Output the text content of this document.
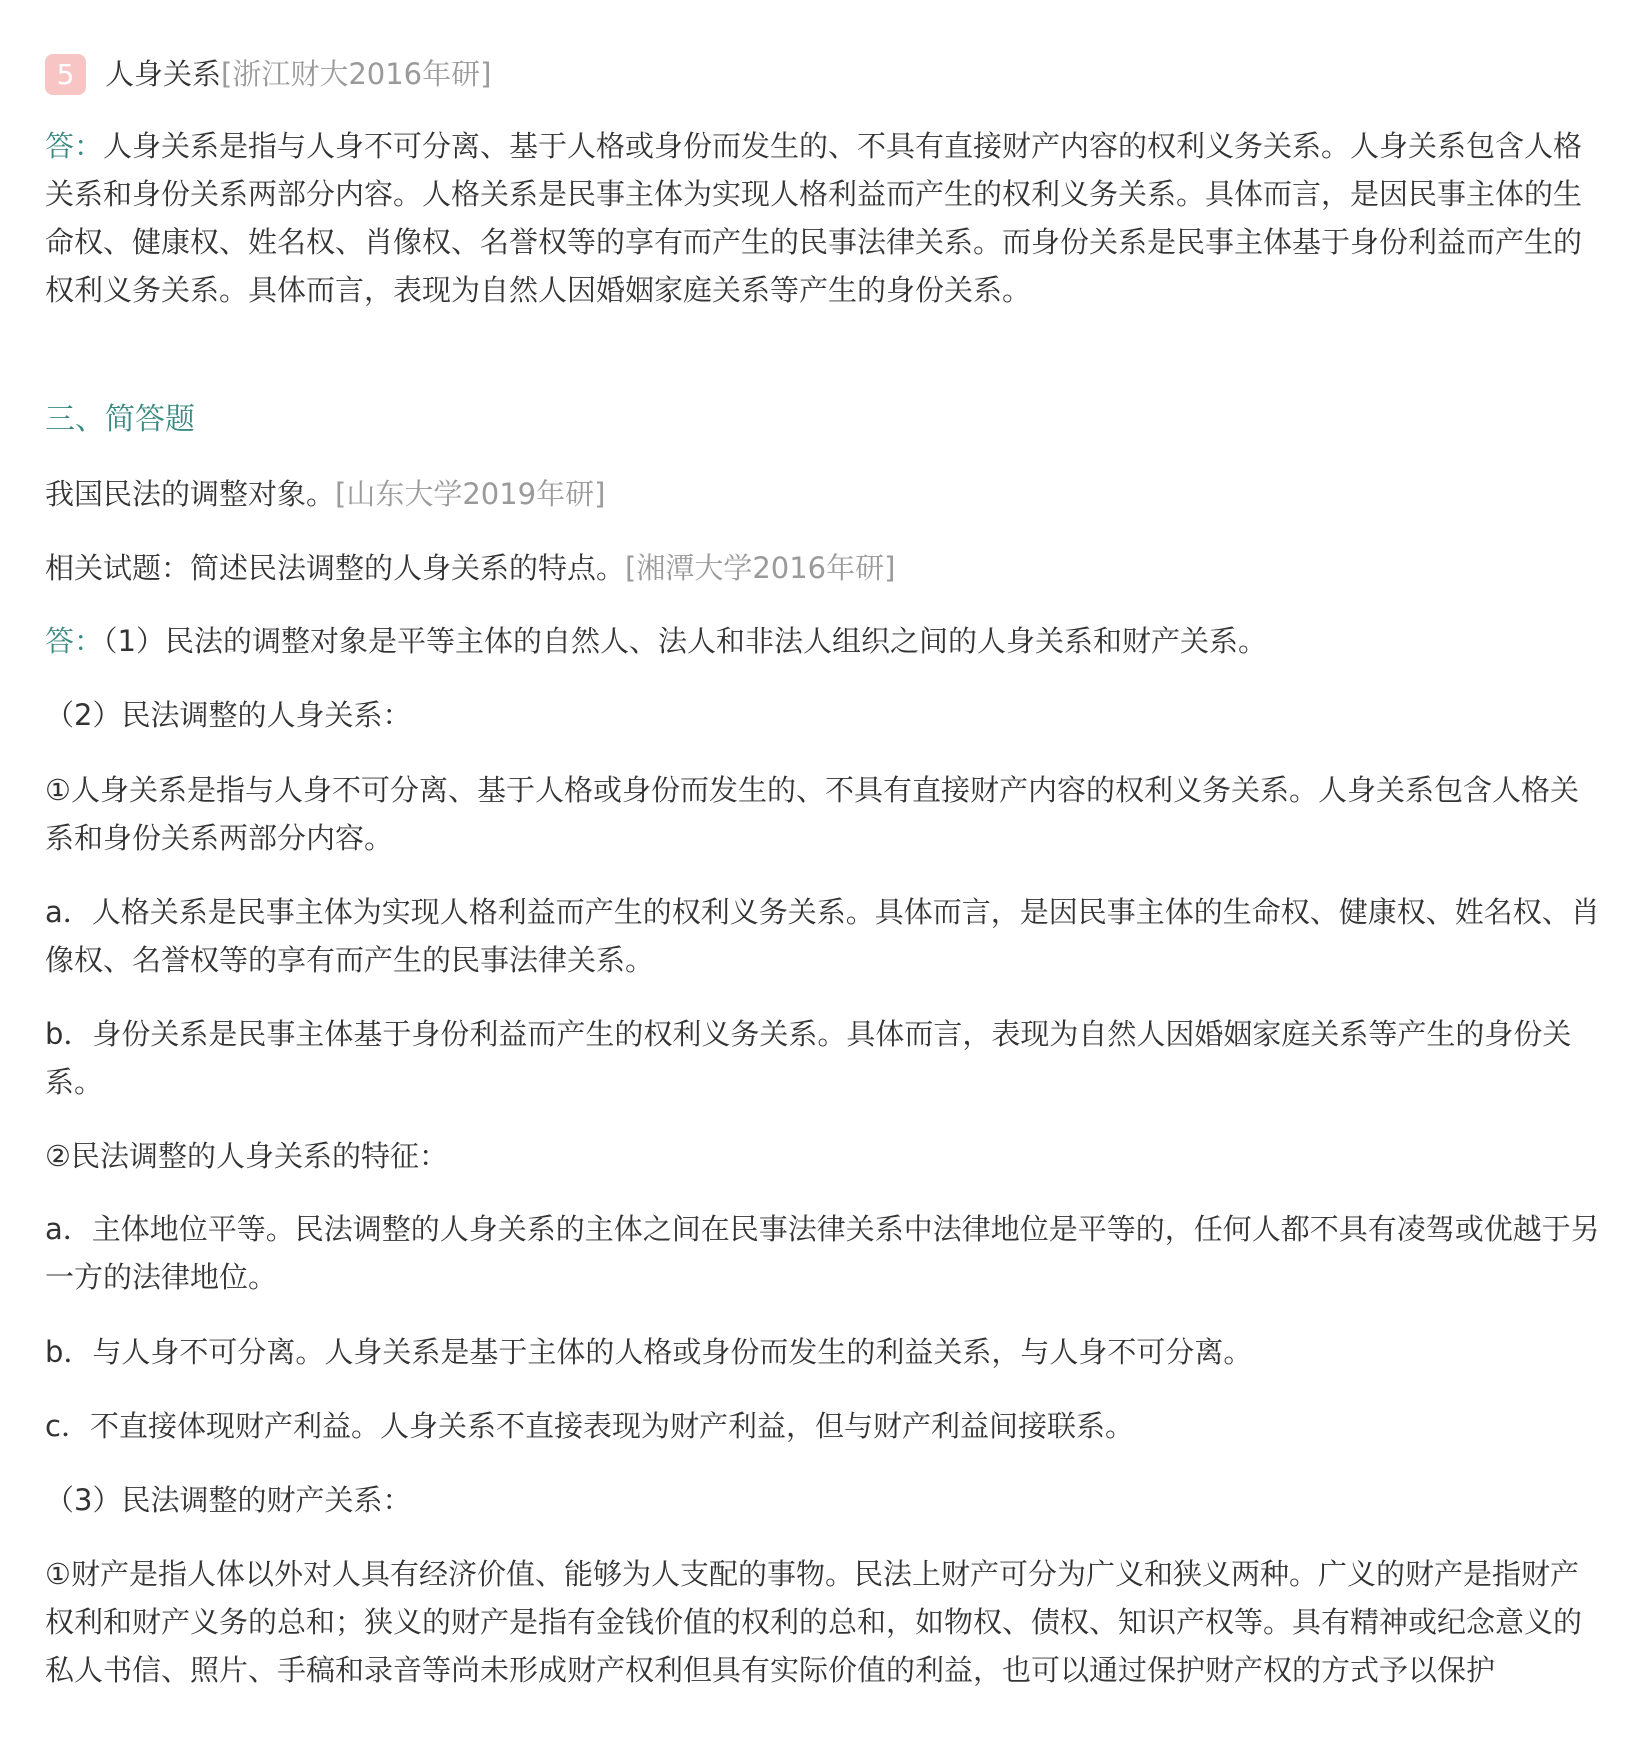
5	人身关系[浙江财大2016年研]
答：人身关系是指与人身不可分离、基于人格或身份而发生的、不具有直接财产内容的权利义务关系。人身关系包含人格关系和身份关系两部分内容。人格关系是民事主体为实现人格利益而产生的权利义务关系。具体而言，是因民事主体的生命权、健康权、姓名权、肖像权、名誉权等的享有而产生的民事法律关系。而身份关系是民事主体基于身份利益而产生的权利义务关系。具体而言，表现为自然人因婚姻家庭关系等产生的身份关系。
三、简答题
我国民法的调整对象。[山东大学2019年研]
相关试题：简述民法调整的人身关系的特点。[湘潭大学2016年研]
答：（1）民法的调整对象是平等主体的自然人、法人和非法人组织之间的人身关系和财产关系。
（2）民法调整的人身关系：
①人身关系是指与人身不可分离、基于人格或身份而发生的、不具有直接财产内容的权利义务关系。人身关系包含人格关系和身份关系两部分内容。
a．人格关系是民事主体为实现人格利益而产生的权利义务关系。具体而言，是因民事主体的生命权、健康权、姓名权、肖像权、名誉权等的享有而产生的民事法律关系。
b．身份关系是民事主体基于身份利益而产生的权利义务关系。具体而言，表现为自然人因婚姻家庭关系等产生的身份关系。
②民法调整的人身关系的特征：
a．主体地位平等。民法调整的人身关系的主体之间在民事法律关系中法律地位是平等的，任何人都不具有凌驾或优越于另一方的法律地位。
b．与人身不可分离。人身关系是基于主体的人格或身份而发生的利益关系，与人身不可分离。
c．不直接体现财产利益。人身关系不直接表现为财产利益，但与财产利益间接联系。
（3）民法调整的财产关系：
①财产是指人体以外对人具有经济价值、能够为人支配的事物。民法上财产可分为广义和狭义两种。广义的财产是指财产权利和财产义务的总和；狭义的财产是指有金钱价值的权利的总和，如物权、债权、知识产权等。具有精神或纪念意义的私人书信、照片、手稿和录音等尚未形成财产权利但具有实际价值的利益，也可以通过保护财产权的方式予以保护
